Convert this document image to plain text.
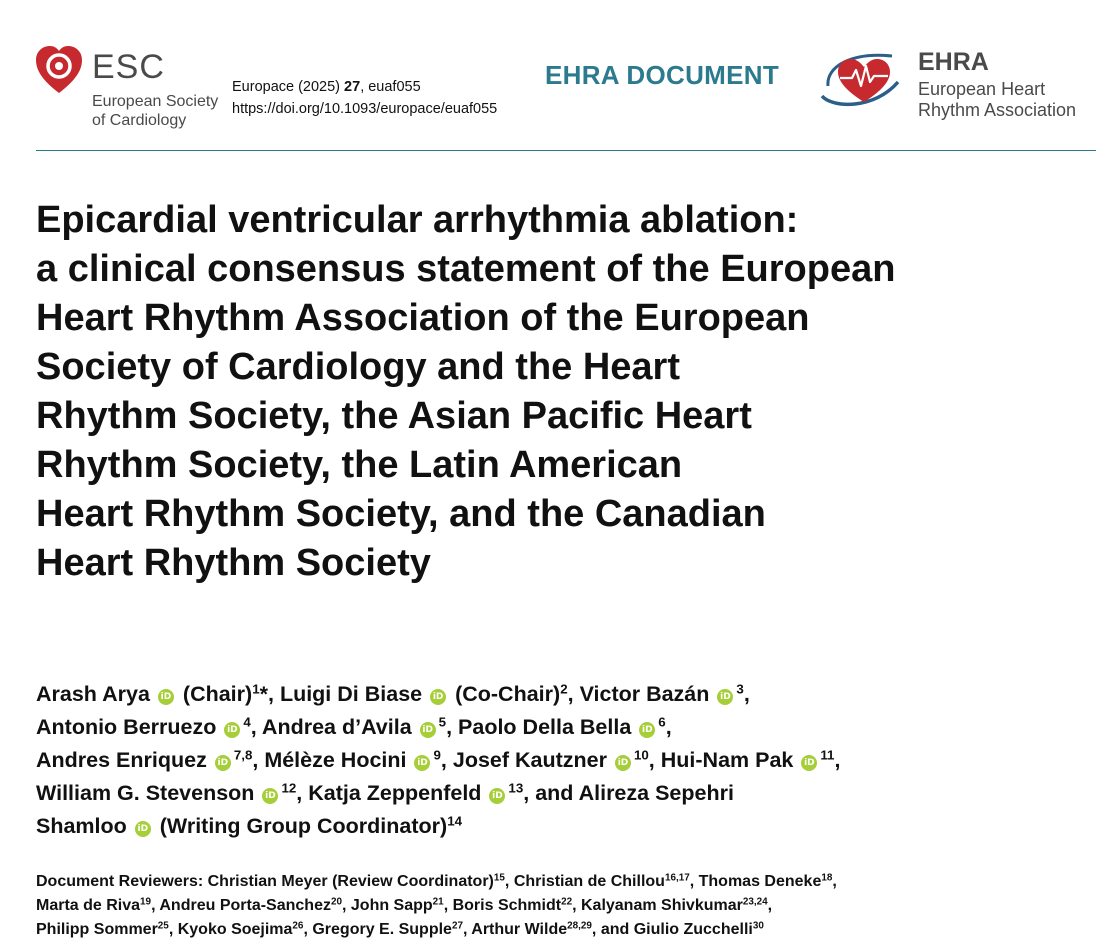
ESC
European Society
of Cardiology
Europace (2025) 27, euaf055
https://doi.org/10.1093/europace/euaf055
EHRA DOCUMENT	EHRA
European Heart
Rhythm Association
Epicardial ventricular arrhythmia ablation:
a clinical consensus statement of the European
Heart Rhythm Association of the European
Society of Cardiology and the Heart
Rhythm Society, the Asian Pacific Heart
Rhythm Society, the Latin American
Heart Rhythm Society, and the Canadian
Heart Rhythm Society
Arash Arya iD (Chair)$^1$*, Luigi Di Biase iD (Co-Chair)$^2$, Victor Bazán $iD^3$,
Antonio Berruezo $iD^4$, Andrea d’Avila $iD^5$, Paolo Della Bella $iD^6$,
Andres Enriquez iD$^{7,8}$, Mélèze Hocini $iD^9$, Josef Kautzner $iD^{10}$, Hui-Nam Pak $iD^{11}$,
William G. Stevenson $iD^{12}$, Katja Zeppenfeld $iD^{13}$, and Alireza Sepehri
Shamloo iD (Writing Group Coordinator)$^{14}$
Document Reviewers: Christian Meyer (Review Coordinator)$^{15}$, Christian de Chillou$^{16,17}$, Thomas Deneke$^{18}$,
Marta de Riva$^{19}$, Andreu Porta-Sanchez$^{20}$, John Sapp$^{21}$, Boris Schmidt$^{22}$, Kalyanam Shivkumar$^{23,24}$,
Philipp Sommer$^{25}$, Kyoko Soejima$^{26}$, Gregory E. Supple$^{27}$, Arthur Wilde$^{28,29}$, and Giulio Zucchelli$^{30}$
